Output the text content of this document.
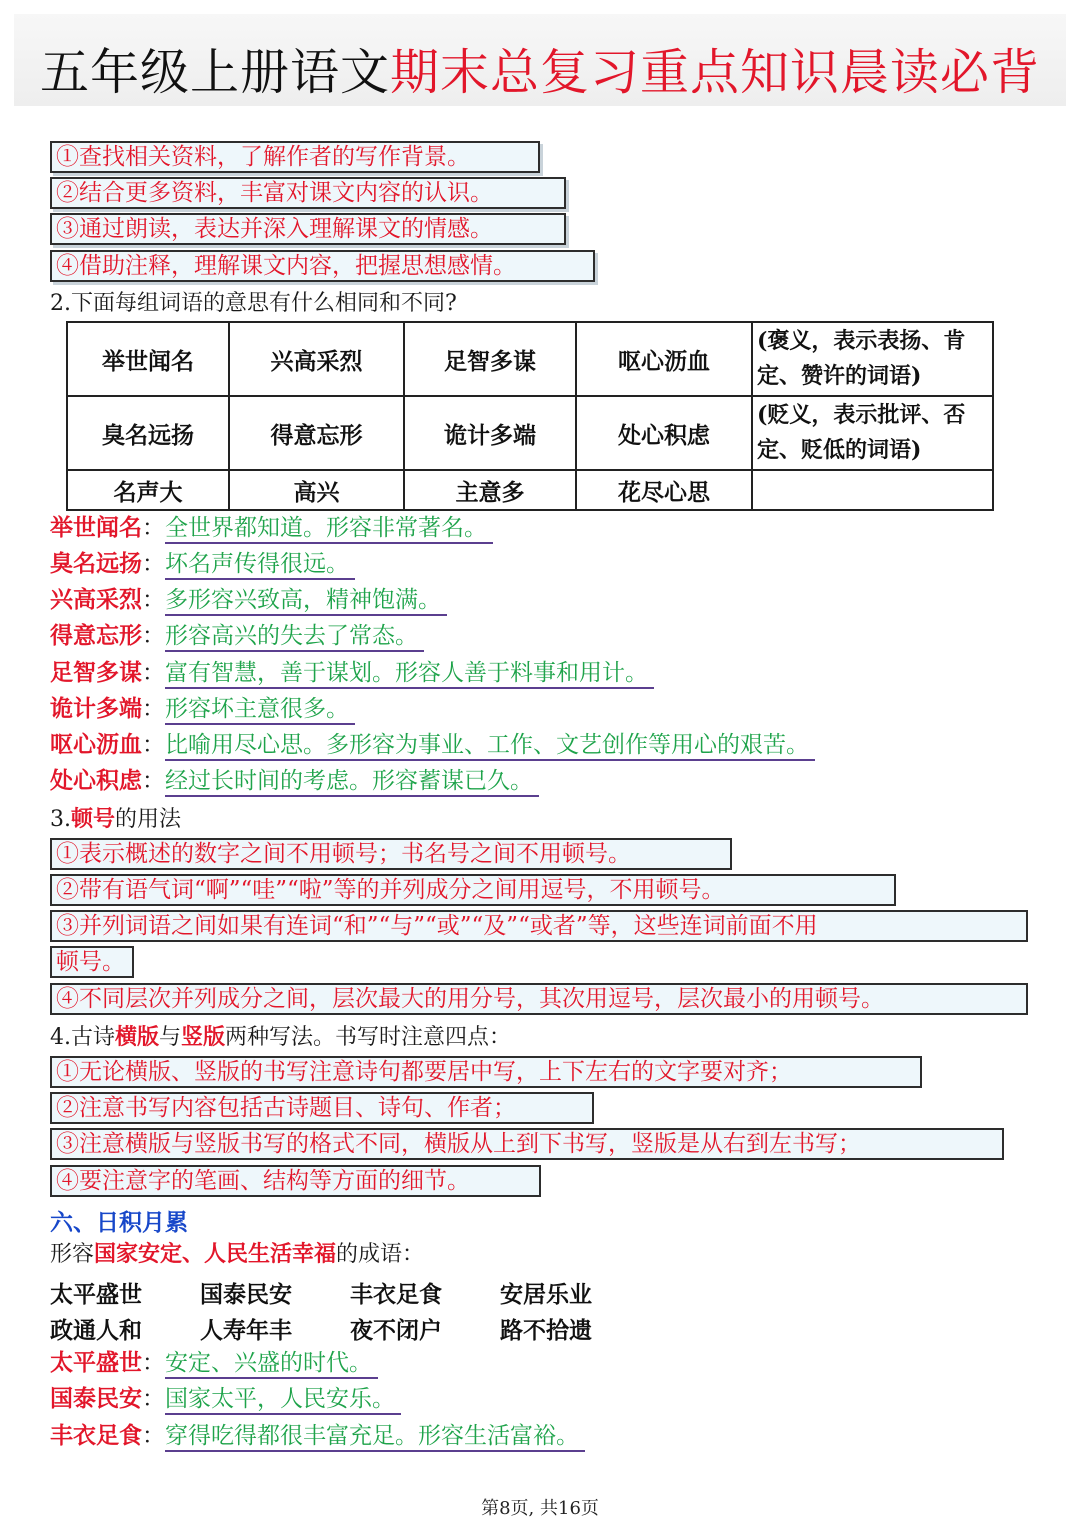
五年级上册语文期末总复习重点知识晨读必背
①查找相关资料，了解作者的写作背景。
②结合更多资料，丰富对课文内容的认识。
③通过朗读，表达并深入理解课文的情感。
④借助注释，理解课文内容，把握思想感情。
2.下面每组词语的意思有什么相同和不同?
举世闻名	兴高采烈	足智多谋	呕心沥血	(褒义，表示表扬、肯定、赞许的词语)
臭名远扬	得意忘形	诡计多端	处心积虑	(贬义，表示批评、否定、贬低的词语)
名声大	高兴	主意多	花尽心思	
举世闻名：全世界都知道。形容非常著名。
臭名远扬：坏名声传得很远。
兴高采烈：多形容兴致高，精神饱满。
得意忘形：形容高兴的失去了常态。
足智多谋：富有智慧，善于谋划。形容人善于料事和用计。
诡计多端：形容坏主意很多。
呕心沥血：比喻用尽心思。多形容为事业、工作、文艺创作等用心的艰苦。
处心积虑：经过长时间的考虑。形容蓄谋已久。
3.顿号的用法
①表示概述的数字之间不用顿号；书名号之间不用顿号。
②带有语气词“啊”“哇”“啦”等的并列成分之间用逗号，不用顿号。
③并列词语之间如果有连词“和”“与”“或”“及”“或者”等，这些连词前面不用
顿号。
④不同层次并列成分之间，层次最大的用分号，其次用逗号，层次最小的用顿号。
4.古诗横版与竖版两种写法。书写时注意四点：
①无论横版、竖版的书写注意诗句都要居中写，上下左右的文字要对齐；
②注意书写内容包括古诗题目、诗句、作者；
③注意横版与竖版书写的格式不同，横版从上到下书写，竖版是从右到左书写；
④要注意字的笔画、结构等方面的细节。
六、日积月累
形容国家安定、人民生活幸福的成语：
太平盛世	国泰民安	丰衣足食	安居乐业
政通人和	人寿年丰	夜不闭户	路不拾遗
太平盛世：安定、兴盛的时代。
国泰民安：国家太平，人民安乐。
丰衣足食：穿得吃得都很丰富充足。形容生活富裕。
第8页, 共16页
